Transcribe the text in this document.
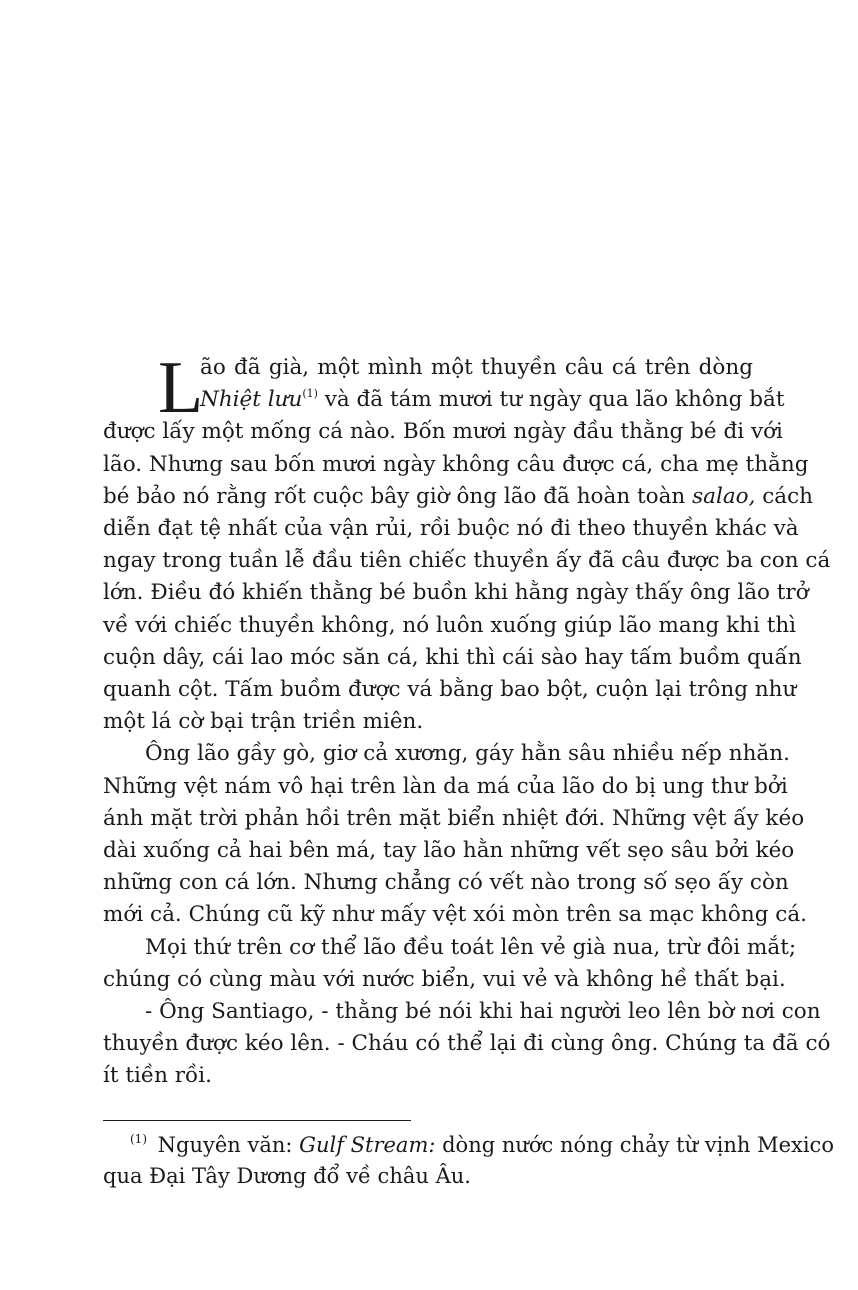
L
ão đã già, một mình một thuyền câu cá trên dòng
Nhiệt lưu$^{(1)}$ và đã tám mươi tư ngày qua lão không bắt
được lấy một mống cá nào. Bốn mươi ngày đầu thằng bé đi với
lão. Nhưng sau bốn mươi ngày không câu được cá, cha mẹ thằng
bé bảo nó rằng rốt cuộc bây giờ ông lão đã hoàn toàn salao, cách
diễn đạt tệ nhất của vận rủi, rồi buộc nó đi theo thuyền khác và
ngay trong tuần lễ đầu tiên chiếc thuyền ấy đã câu được ba con cá
lớn. Điều đó khiến thằng bé buồn khi hằng ngày thấy ông lão trở
về với chiếc thuyền không, nó luôn xuống giúp lão mang khi thì
cuộn dây, cái lao móc săn cá, khi thì cái sào hay tấm buồm quấn
quanh cột. Tấm buồm được vá bằng bao bột, cuộn lại trông như
một lá cờ bại trận triền miên.
Ông lão gầy gò, giơ cả xương, gáy hằn sâu nhiều nếp nhăn.
Những vệt nám vô hại trên làn da má của lão do bị ung thư bởi
ánh mặt trời phản hồi trên mặt biển nhiệt đới. Những vệt ấy kéo
dài xuống cả hai bên má, tay lão hằn những vết sẹo sâu bởi kéo
những con cá lớn. Nhưng chẳng có vết nào trong số sẹo ấy còn
mới cả. Chúng cũ kỹ như mấy vệt xói mòn trên sa mạc không cá.
Mọi thứ trên cơ thể lão đều toát lên vẻ già nua, trừ đôi mắt;
chúng có cùng màu với nước biển, vui vẻ và không hề thất bại.
- Ông Santiago, - thằng bé nói khi hai người leo lên bờ nơi con
thuyền được kéo lên. - Cháu có thể lại đi cùng ông. Chúng ta đã có
ít tiền rồi.
$^{(1)}$ Nguyên văn: Gulf Stream: dòng nước nóng chảy từ vịnh Mexico
qua Đại Tây Dương đổ về châu Âu.
